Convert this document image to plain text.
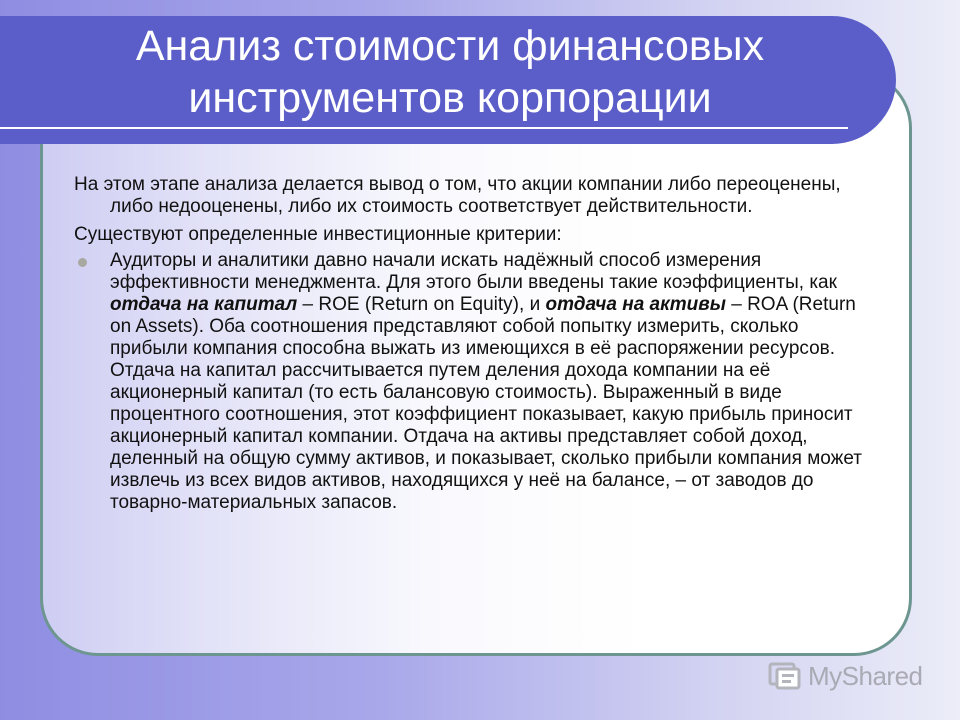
Анализ стоимости финансовых
инструментов корпорации

На этом этапе анализа делается вывод о том, что акции компании либо переоценены, либо недооценены, либо их стоимость соответствует действительности.

Существуют определенные инвестиционные критерии:

Аудиторы и аналитики давно начали искать надёжный способ измерения эффективности менеджмента. Для этого были введены такие коэффициенты, как отдача на капитал – ROE (Return on Equity), и отдача на активы – ROA (Return on Assets). Оба соотношения представляют собой попытку измерить, сколько прибыли компания способна выжать из имеющихся в её распоряжении ресурсов. Отдача на капитал рассчитывается путем деления дохода компании на её акционерный капитал (то есть балансовую стоимость). Выраженный в виде процентного соотношения, этот коэффициент показывает, какую прибыль приносит акционерный капитал компании. Отдача на активы представляет собой доход, деленный на общую сумму активов, и показывает, сколько прибыли компания может извлечь из всех видов активов, находящихся у неё на балансе, – от заводов до товарно-материальных запасов.

MyShared
